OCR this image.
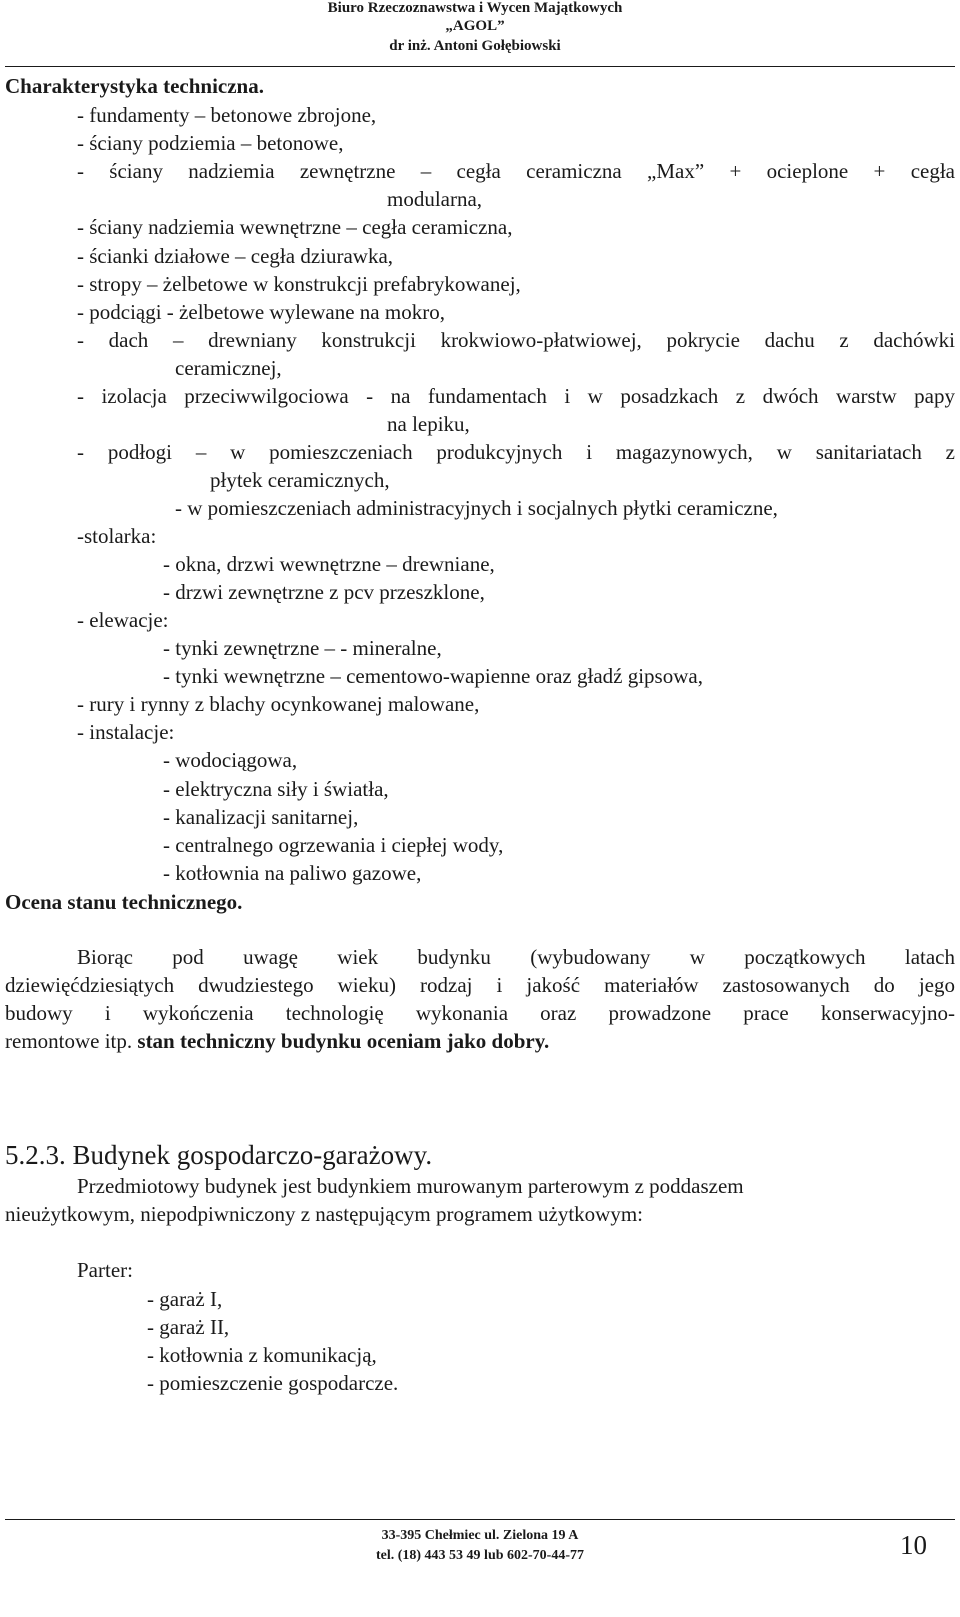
Biuro Rzeczoznawstwa i Wycen Majątkowych
„AGOL”
dr inż. Antoni Gołębiowski
Charakterystyka techniczna.
- fundamenty – betonowe zbrojone,
- ściany podziemia – betonowe,
- ściany nadziemia zewnętrzne – cegła ceramiczna „Max” + ocieplone + cegła
modularna,
- ściany nadziemia wewnętrzne – cegła ceramiczna,
- ścianki działowe – cegła dziurawka,
- stropy – żelbetowe w konstrukcji prefabrykowanej,
- podciągi - żelbetowe wylewane na mokro,
- dach – drewniany konstrukcji krokwiowo-płatwiowej, pokrycie dachu z dachówki
ceramicznej,
- izolacja przeciwwilgociowa - na fundamentach i w posadzkach z dwóch warstw papy
na lepiku,
- podłogi – w pomieszczeniach produkcyjnych i magazynowych, w sanitariatach z
płytek ceramicznych,
- w pomieszczeniach administracyjnych i socjalnych płytki ceramiczne,
-stolarka:
- okna, drzwi wewnętrzne – drewniane,
- drzwi zewnętrzne z pcv przeszklone,
- elewacje:
- tynki zewnętrzne – - mineralne,
- tynki wewnętrzne – cementowo-wapienne oraz gładź gipsowa,
- rury i rynny z blachy ocynkowanej malowane,
- instalacje:
- wodociągowa,
- elektryczna siły i światła,
- kanalizacji sanitarnej,
- centralnego ogrzewania i ciepłej wody,
- kotłownia na paliwo gazowe,
Ocena stanu technicznego.
Biorąc pod uwagę wiek budynku (wybudowany w początkowych latach
dziewięćdziesiątych dwudziestego wieku) rodzaj i jakość materiałów zastosowanych do jego
budowy i wykończenia technologię wykonania oraz prowadzone prace konserwacyjno-
remontowe itp. stan techniczny budynku oceniam jako dobry.
5.2.3. Budynek gospodarczo-garażowy.
Przedmiotowy budynek jest budynkiem murowanym parterowym z poddaszem
nieużytkowym, niepodpiwniczony z następującym programem użytkowym:
Parter:
- garaż I,
- garaż II,
- kotłownia z komunikacją,
- pomieszczenie gospodarcze.
33-395 Chełmiec ul. Zielona 19 A
tel. (18) 443 53 49 lub 602-70-44-77	10
